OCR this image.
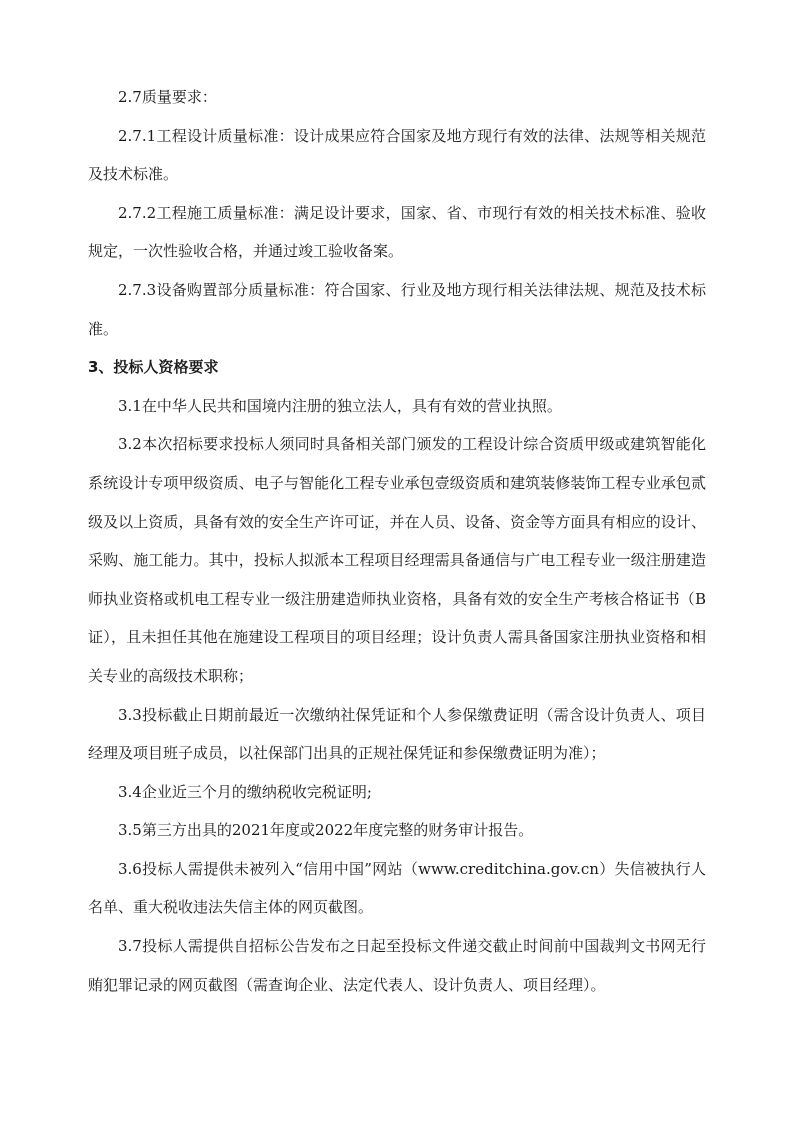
2.7质量要求：

2.7.1工程设计质量标准：设计成果应符合国家及地方现行有效的法律、法规等相关规范及技术标准。

2.7.2工程施工质量标准：满足设计要求，国家、省、市现行有效的相关技术标准、验收规定，一次性验收合格，并通过竣工验收备案。

2.7.3设备购置部分质量标准：符合国家、行业及地方现行相关法律法规、规范及技术标准。

3、投标人资格要求

3.1在中华人民共和国境内注册的独立法人，具有有效的营业执照。

3.2本次招标要求投标人须同时具备相关部门颁发的工程设计综合资质甲级或建筑智能化系统设计专项甲级资质、电子与智能化工程专业承包壹级资质和建筑装修装饰工程专业承包贰级及以上资质，具备有效的安全生产许可证，并在人员、设备、资金等方面具有相应的设计、采购、施工能力。其中，投标人拟派本工程项目经理需具备通信与广电工程专业一级注册建造师执业资格或机电工程专业一级注册建造师执业资格，具备有效的安全生产考核合格证书（B证），且未担任其他在施建设工程项目的项目经理；设计负责人需具备国家注册执业资格和相关专业的高级技术职称；

3.3投标截止日期前最近一次缴纳社保凭证和个人参保缴费证明（需含设计负责人、项目经理及项目班子成员，以社保部门出具的正规社保凭证和参保缴费证明为准）；

3.4企业近三个月的缴纳税收完税证明;

3.5第三方出具的2021年度或2022年度完整的财务审计报告。

3.6投标人需提供未被列入“信用中国”网站（www.creditchina.gov.cn）失信被执行人名单、重大税收违法失信主体的网页截图。

3.7投标人需提供自招标公告发布之日起至投标文件递交截止时间前中国裁判文书网无行贿犯罪记录的网页截图（需查询企业、法定代表人、设计负责人、项目经理）。
